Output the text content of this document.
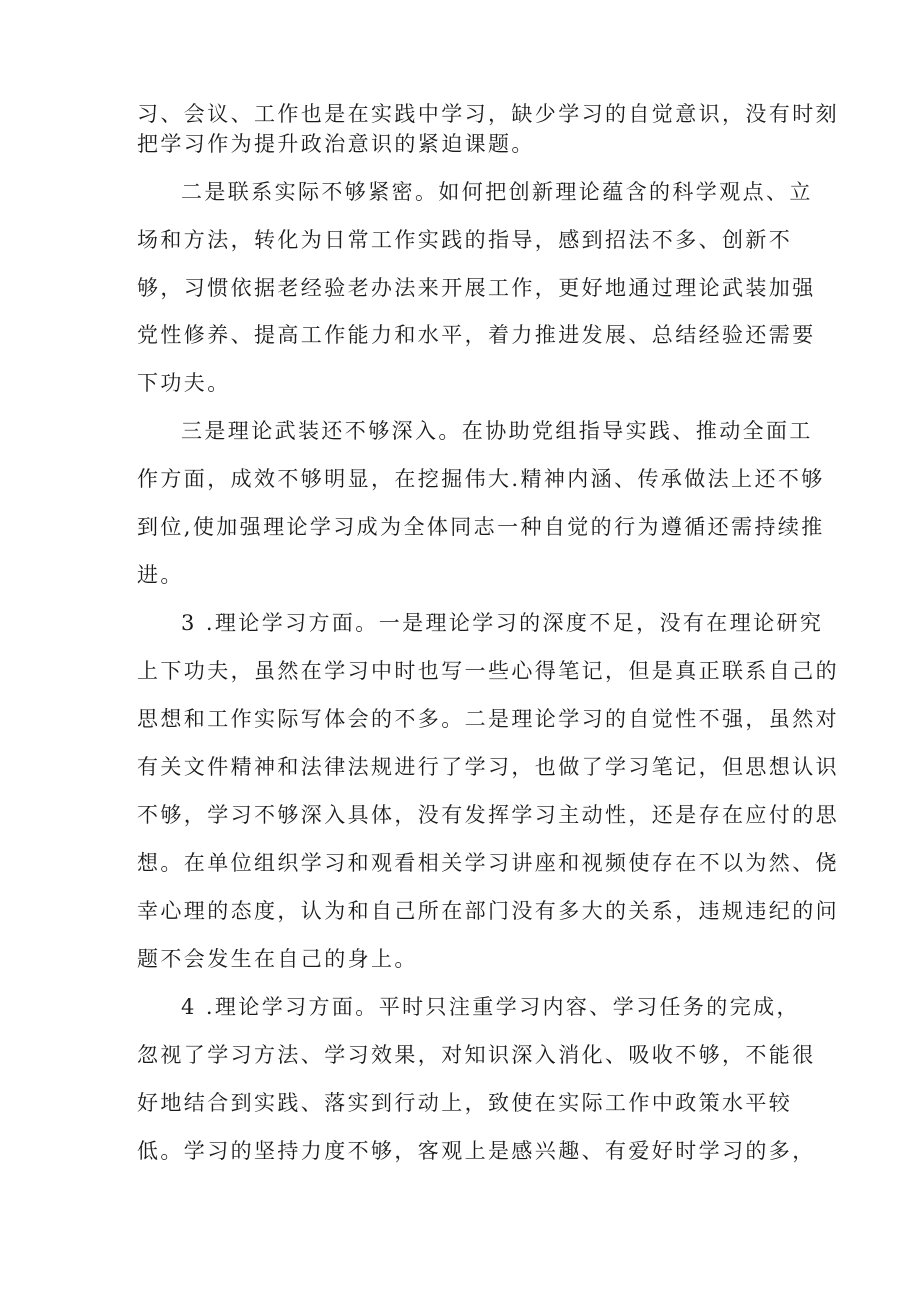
习、会议、工作也是在实践中学习，缺少学习的自觉意识，没有时刻

把学习作为提升政治意识的紧迫课题。

二是联系实际不够紧密。如何把创新理论蕴含的科学观点、立

场和方法，转化为日常工作实践的指导，感到招法不多、创新不

够，习惯依据老经验老办法来开展工作，更好地通过理论武装加强

党性修养、提高工作能力和水平，着力推进发展、总结经验还需要

下功夫。

三是理论武装还不够深入。在协助党组指导实践、推动全面工

作方面，成效不够明显，在挖掘伟大.精神内涵、传承做法上还不够

到位,使加强理论学习成为全体同志一种自觉的行为遵循还需持续推

进。

3 .理论学习方面。一是理论学习的深度不足，没有在理论研究

上下功夫，虽然在学习中时也写一些心得笔记，但是真正联系自己的

思想和工作实际写体会的不多。二是理论学习的自觉性不强，虽然对

有关文件精神和法律法规进行了学习，也做了学习笔记，但思想认识

不够，学习不够深入具体，没有发挥学习主动性，还是存在应付的思

想。在单位组织学习和观看相关学习讲座和视频使存在不以为然、侥

幸心理的态度，认为和自己所在部门没有多大的关系，违规违纪的问

题不会发生在自己的身上。

4 .理论学习方面。平时只注重学习内容、学习任务的完成，

忽视了学习方法、学习效果，对知识深入消化、吸收不够，不能很

好地结合到实践、落实到行动上，致使在实际工作中政策水平较

低。学习的坚持力度不够，客观上是感兴趣、有爱好时学习的多，
